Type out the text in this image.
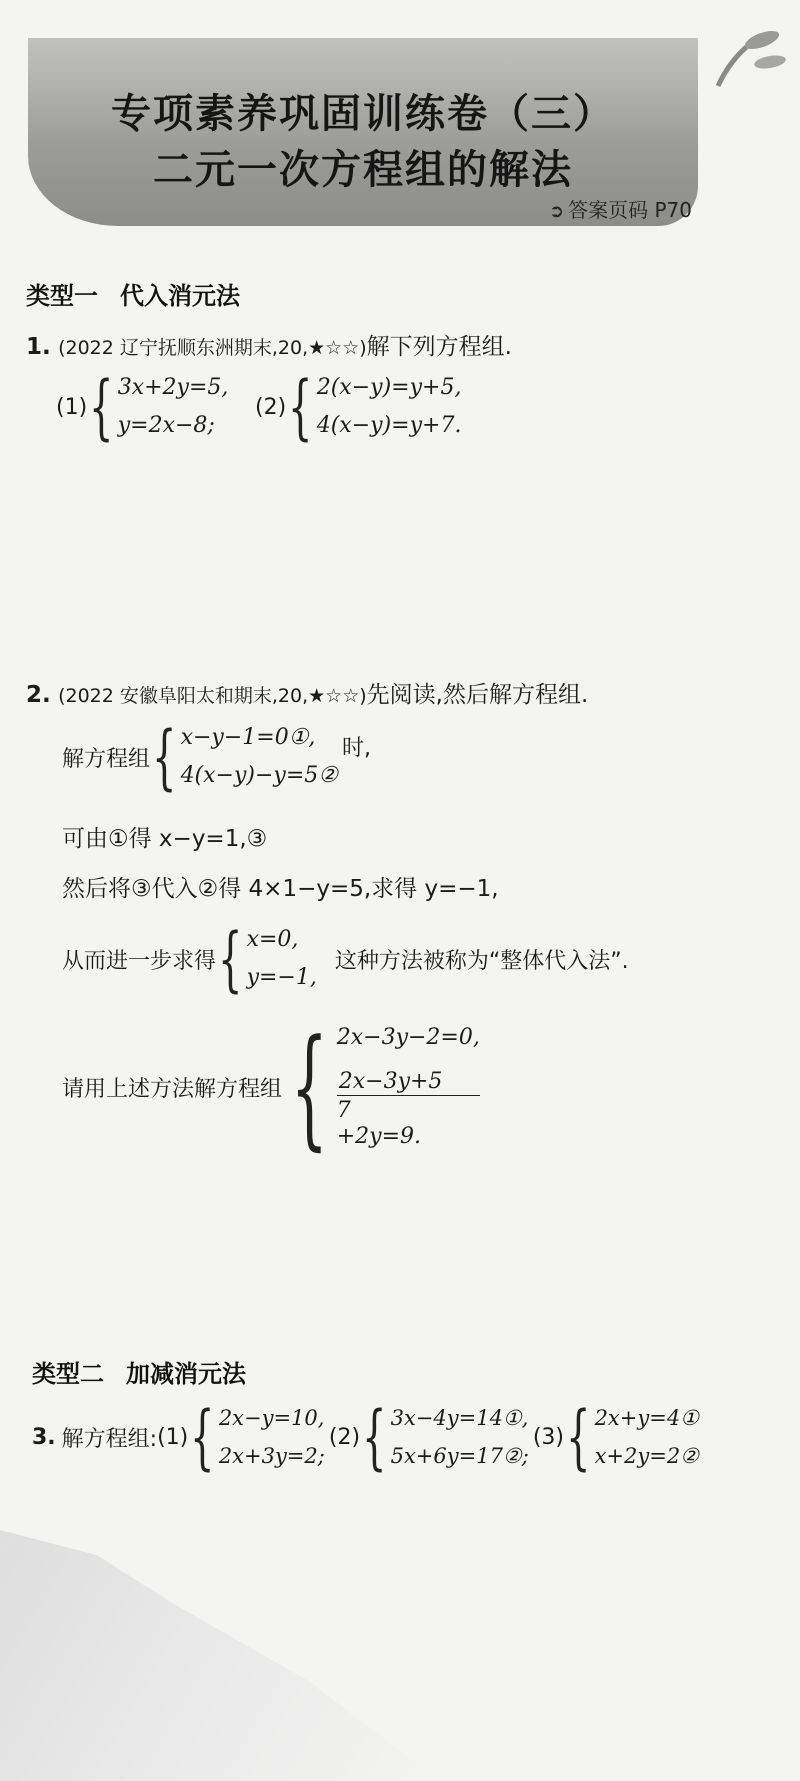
专项素养巩固训练卷（三）
二元一次方程组的解法
➲ 答案页码 P70
类型一 代入消元法
1. (2022 辽宁抚顺东洲期末,20,★☆☆)解下列方程组.
(1) { 3x+2y=5,
y=2x−8;
(2) { 2(x−y)=y+5,
4(x−y)=y+7.
2. (2022 安徽阜阳太和期末,20,★☆☆)先阅读,然后解方程组.
解方程组 { x−y−1=0①,
4(x−y)−y=5②
时,
可由①得 x−y=1,③
然后将③代入②得 4×1−y=5,求得 y=−1,
从而进一步求得 { x=0,
y=−1,
这种方法被称为“整体代入法”.
请用上述方法解方程组 { 2x−3y−2=0,
2x−3y+5
7
+2y=9.
类型二 加减消元法
3. 解方程组: (1) { 2x−y=10,
2x+3y=2;
(2) { 3x−4y=14①,
5x+6y=17②;
(3) { 2x+y=4①
x+2y=2②
